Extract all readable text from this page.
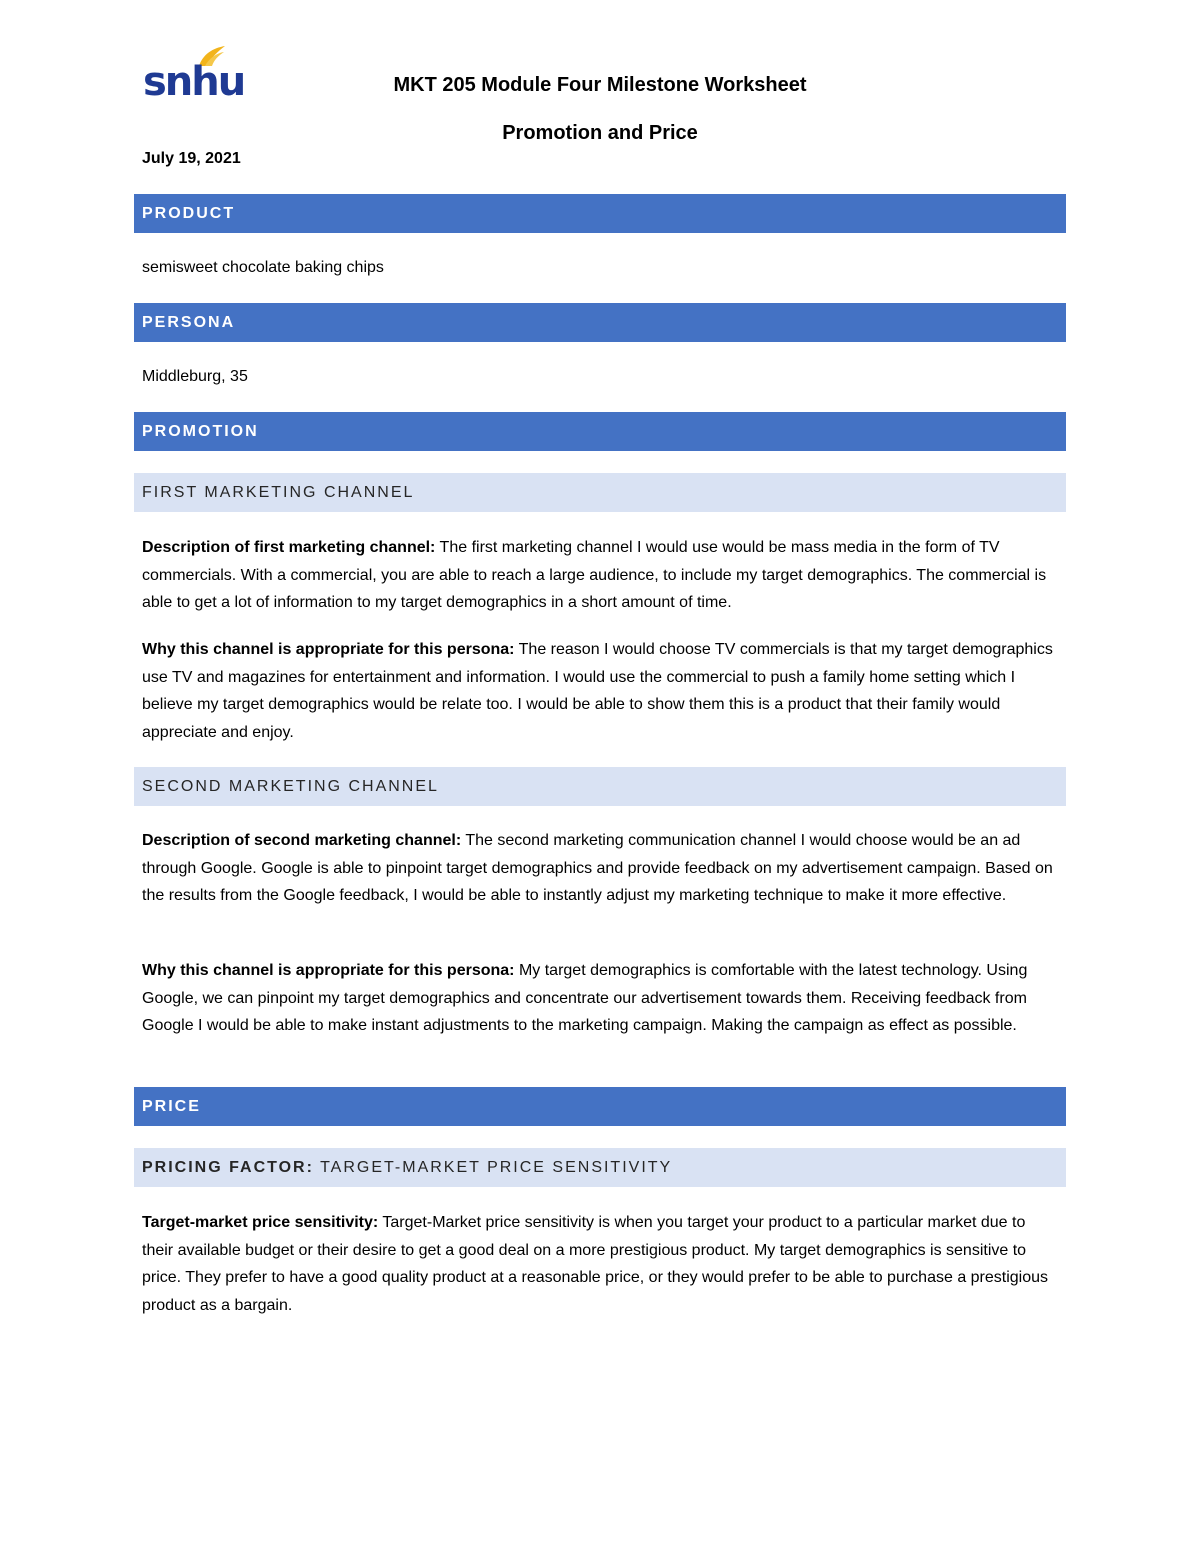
snhu	MKT 205 Module Four Milestone Worksheet
Promotion and Price
July 19, 2021
PRODUCT
semisweet chocolate baking chips
PERSONA
Middleburg, 35
PROMOTION
FIRST MARKETING CHANNEL
Description of first marketing channel: The first marketing channel I would use would be mass media in the form of TV commercials. With a commercial, you are able to reach a large audience, to include my target demographics. The commercial is able to get a lot of information to my target demographics in a short amount of time.
Why this channel is appropriate for this persona: The reason I would choose TV commercials is that my target demographics use TV and magazines for entertainment and information. I would use the commercial to push a family home setting which I believe my target demographics would be relate too. I would be able to show them this is a product that their family would appreciate and enjoy.
SECOND MARKETING CHANNEL
Description of second marketing channel: The second marketing communication channel I would choose would be an ad through Google. Google is able to pinpoint target demographics and provide feedback on my advertisement campaign. Based on the results from the Google feedback, I would be able to instantly adjust my marketing technique to make it more effective.
Why this channel is appropriate for this persona: My target demographics is comfortable with the latest technology. Using Google, we can pinpoint my target demographics and concentrate our advertisement towards them. Receiving feedback from Google I would be able to make instant adjustments to the marketing campaign. Making the campaign as effect as possible.
PRICE
PRICING FACTOR: TARGET-MARKET PRICE SENSITIVITY
Target-market price sensitivity: Target-Market price sensitivity is when you target your product to a particular market due to their available budget or their desire to get a good deal on a more prestigious product. My target demographics is sensitive to price. They prefer to have a good quality product at a reasonable price, or they would prefer to be able to purchase a prestigious product as a bargain.
